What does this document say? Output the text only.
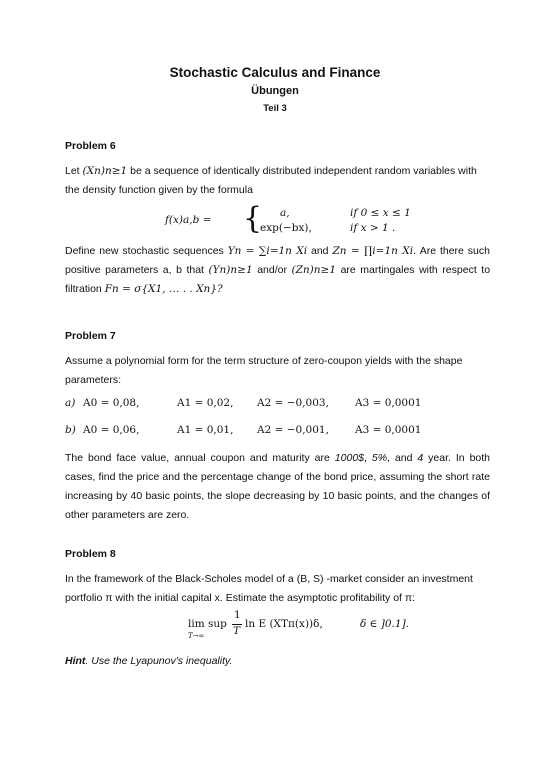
Stochastic Calculus and Finance
Übungen
Teil 3
Problem 6
Let (Xn)n≥1 be a sequence of identically distributed independent random variables with the density function given by the formula
f(x)a,b = { a,	if 0 ≤ x ≤ 1
exp(−bx),	if x > 1 .
Define new stochastic sequences Yn = ∑i=1n Xi and Zn = ∏i=1n Xi. Are there such positive parameters a, b that (Yn)n≥1 and/or (Zn)n≥1 are martingales with respect to filtration Fn = σ{X1, … . . Xn}?
Problem 7
Assume a polynomial form for the term structure of zero-coupon yields with the shape parameters:
a) A0 = 0,08,	A1 = 0,02, A2 = −0,003, A3 = 0,0001
b) A0 = 0,06,	A1 = 0,01, A2 = −0,001, A3 = 0,0001
The bond face value, annual coupon and maturity are 1000$, 5%, and 4 year. In both cases, find the price and the percentage change of the bond price, assuming the short rate increasing by 40 basic points, the slope decreasing by 10 basic points, and the changes of other parameters are zero.
Problem 8
In the framework of the Black-Scholes model of a (B, S) -market consider an investment portfolio π with the initial capital x. Estimate the asymptotic profitability of π:
lim sup
T→∞
1
T
ln E (XTπ(x))δ,	δ ∈ ]0.1].
Hint. Use the Lyapunov's inequality.
